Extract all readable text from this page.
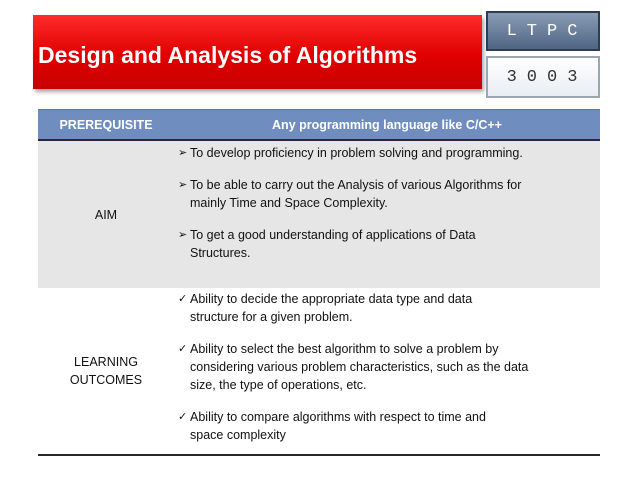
Design and Analysis of Algorithms
LTPC
3003
PREREQUISITE	Any programming language like C/C++
AIM
➢ To develop proficiency in problem solving and programming.
➢ To be able to carry out the Analysis of various Algorithms for mainly Time and Space Complexity.
➢ To get a good understanding of applications of Data Structures.
LEARNING OUTCOMES
✓ Ability to decide the appropriate data type and data structure for a given problem.
✓ Ability to select the best algorithm to solve a problem by considering various problem characteristics, such as the data size, the type of operations, etc.
✓ Ability to compare algorithms with respect to time and space complexity
